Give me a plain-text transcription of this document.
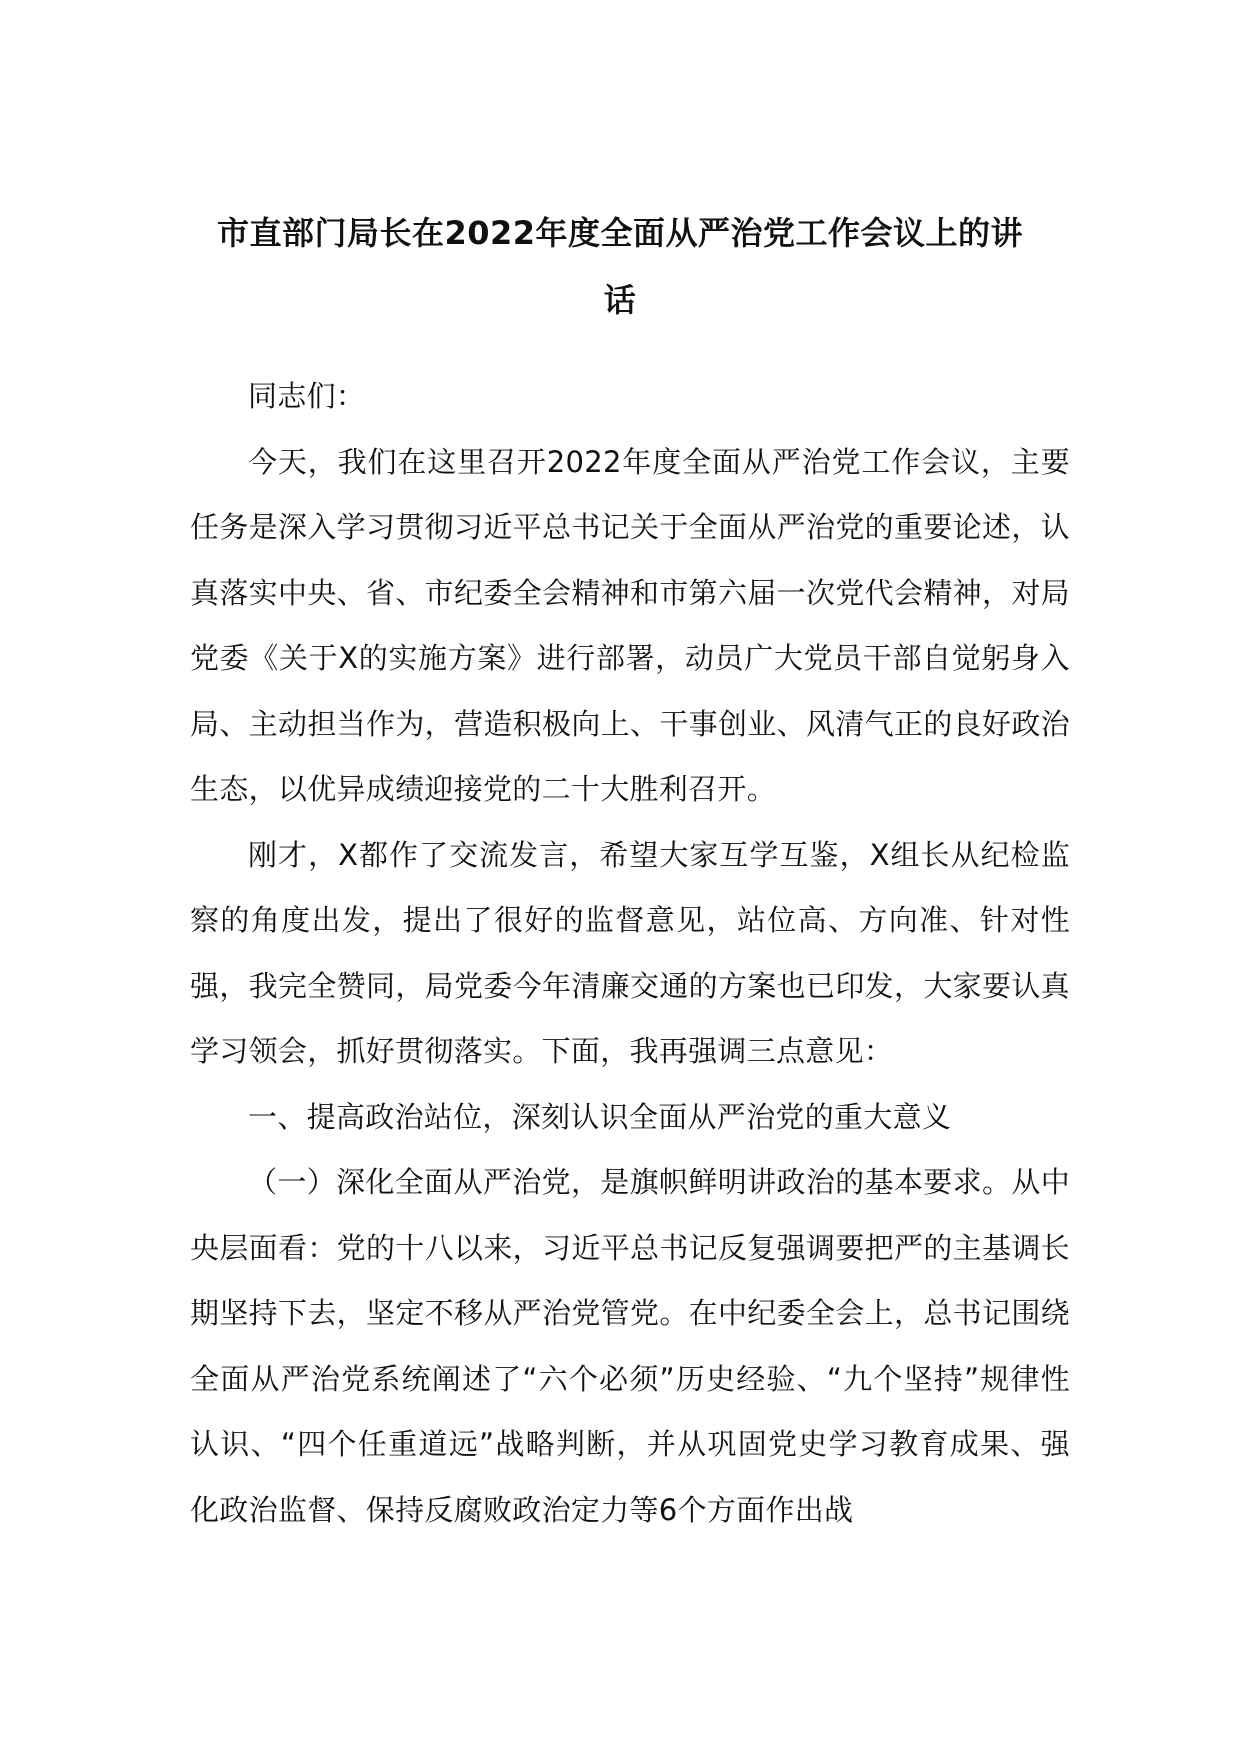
市直部门局长在2022年度全面从严治党工作会议上的讲
话

同志们：

今天，我们在这里召开2022年度全面从严治党工作会议，主要任务是深入学习贯彻习近平总书记关于全面从严治党的重要论述，认真落实中央、省、市纪委全会精神和市第六届一次党代会精神，对局党委《关于X的实施方案》进行部署，动员广大党员干部自觉躬身入局、主动担当作为，营造积极向上、干事创业、风清气正的良好政治生态，以优异成绩迎接党的二十大胜利召开。

刚才，X都作了交流发言，希望大家互学互鉴，X组长从纪检监察的角度出发，提出了很好的监督意见，站位高、方向准、针对性强，我完全赞同，局党委今年清廉交通的方案也已印发，大家要认真学习领会，抓好贯彻落实。下面，我再强调三点意见：

一、提高政治站位，深刻认识全面从严治党的重大意义

（一）深化全面从严治党，是旗帜鲜明讲政治的基本要求。从中央层面看：党的十八以来，习近平总书记反复强调要把严的主基调长期坚持下去，坚定不移从严治党管党。在中纪委全会上，总书记围绕全面从严治党系统阐述了“六个必须”历史经验、“九个坚持”规律性认识、“四个任重道远”战略判断，并从巩固党史学习教育成果、强化政治监督、保持反腐败政治定力等6个方面作出战
